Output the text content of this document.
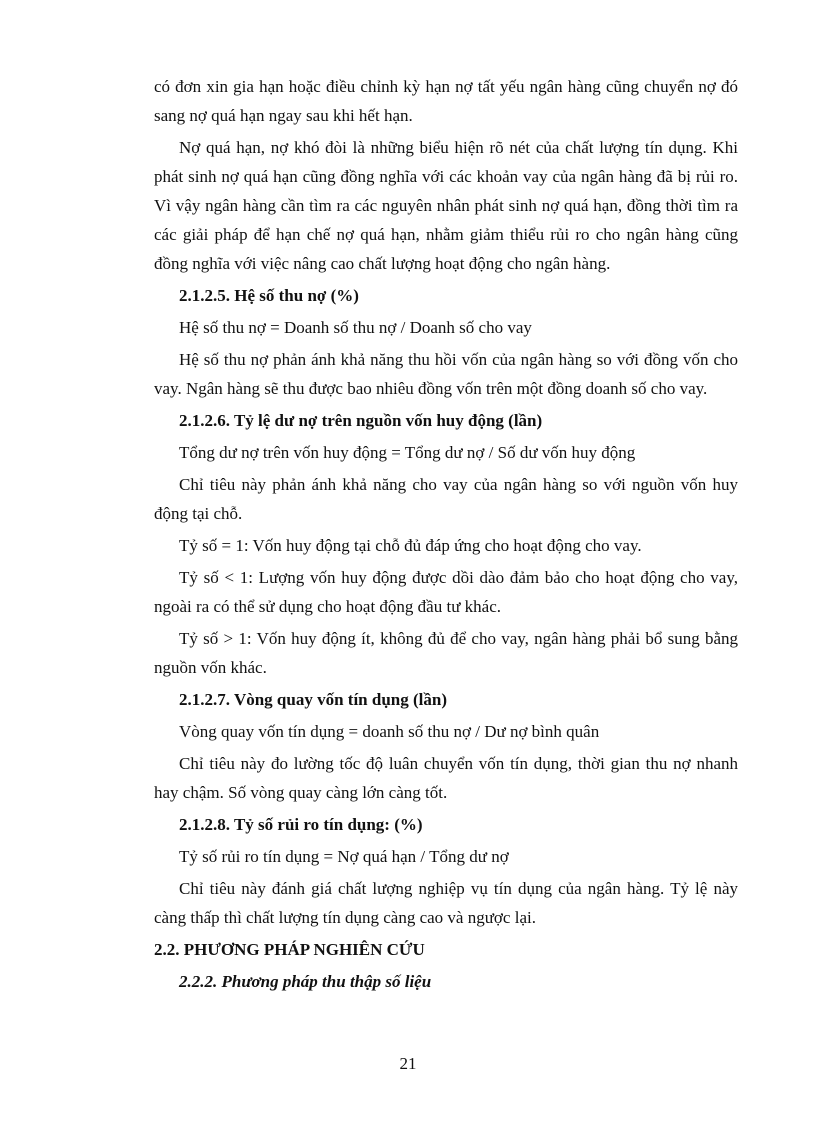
có đơn xin gia hạn hoặc điều chỉnh kỳ hạn nợ tất yếu ngân hàng cũng chuyển nợ đó sang nợ quá hạn ngay sau khi hết hạn.

Nợ quá hạn, nợ khó đòi là những biểu hiện rõ nét của chất lượng tín dụng. Khi phát sinh nợ quá hạn cũng đồng nghĩa với các khoản vay của ngân hàng đã bị rủi ro. Vì vậy ngân hàng cần tìm ra các nguyên nhân phát sinh nợ quá hạn, đồng thời tìm ra các giải pháp để hạn chế nợ quá hạn, nhằm giảm thiểu rủi ro cho ngân hàng cũng đồng nghĩa với việc nâng cao chất lượng hoạt động cho ngân hàng.

2.1.2.5. Hệ số thu nợ (%)

Hệ số thu nợ = Doanh số thu nợ / Doanh số cho vay

Hệ số thu nợ phản ánh khả năng thu hồi vốn của ngân hàng so với đồng vốn cho vay. Ngân hàng sẽ thu được bao nhiêu đồng vốn trên một đồng doanh số cho vay.

2.1.2.6. Tỷ lệ dư nợ trên nguồn vốn huy động (lần)

Tổng dư nợ trên vốn huy động = Tổng dư nợ / Số dư vốn huy động

Chỉ tiêu này phản ánh khả năng cho vay của ngân hàng so với nguồn vốn huy động tại chỗ.

Tỷ số = 1: Vốn huy động tại chỗ đủ đáp ứng cho hoạt động cho vay.

Tỷ số < 1: Lượng vốn huy động được dồi dào đảm bảo cho hoạt động cho vay, ngoài ra có thể sử dụng cho hoạt động đầu tư khác.

Tỷ số > 1: Vốn huy động ít, không đủ để cho vay, ngân hàng phải bổ sung bằng nguồn vốn khác.

2.1.2.7. Vòng quay vốn tín dụng (lần)

Vòng quay vốn tín dụng = doanh số thu nợ / Dư nợ bình quân

Chỉ tiêu này đo lường tốc độ luân chuyển vốn tín dụng, thời gian thu nợ nhanh hay chậm. Số vòng quay càng lớn càng tốt.

2.1.2.8. Tỷ số rủi ro tín dụng: (%)

Tỷ số rủi ro tín dụng = Nợ quá hạn / Tổng dư nợ

Chỉ tiêu này đánh giá chất lượng nghiệp vụ tín dụng của ngân hàng. Tỷ lệ này càng thấp thì chất lượng tín dụng càng cao và ngược lại.

2.2. PHƯƠNG PHÁP NGHIÊN CỨU

2.2.2. Phương pháp thu thập số liệu

21
